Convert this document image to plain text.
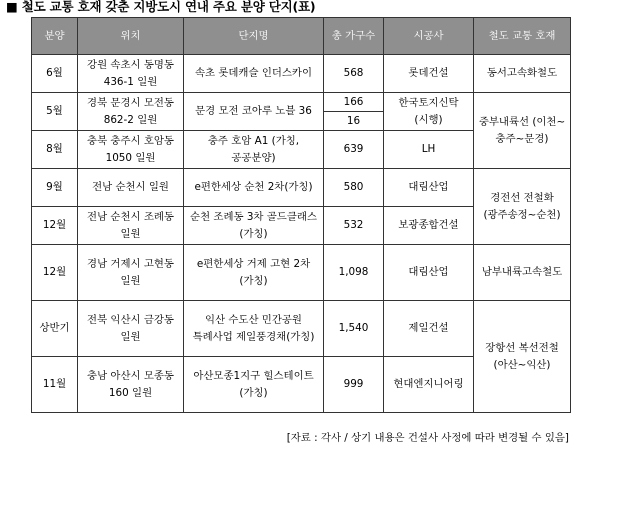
■ 철도 교통 호재 갖춘 지방도시 연내 주요 분양 단지(표)
분양	위치	단지명	총 가구수	시공사	철도 교통 호재
6월	강원 속초시 동명동 436-1 일원	속초 롯데캐슬 인더스카이	568	롯데건설	동서고속화철도
5월	경북 문경시 모전동 862-2 일원	문경 모전 코아루 노블 36	166	한국토지신탁(시행)	중부내륙선 (이천~충주~문경)
			16		
8월	충북 충주시 호암동 1050 일원	충주 호암 A1 (가칭, 공공분양)	639	LH	
9월	전남 순천시 일원	e편한세상 순천 2차(가칭)	580	대림산업	경전선 전철화 (광주송정~순천)
12월	전남 순천시 조례동 일원	순천 조례동 3차 골드클래스(가칭)	532	보광종합건설	
12월	경남 거제시 고현동 일원	e편한세상 거제 고현 2차 (가칭)	1,098	대림산업	남부내륙고속철도
상반기	전북 익산시 금강동 일원	익산 수도산 민간공원 특례사업 제일풍경채(가칭)	1,540	제일건설	장항선 복선전철 (아산~익산)
11월	충남 아산시 모종동 160 일원	아산모종1지구 힐스테이트 (가칭)	999	현대엔지니어링	
[자료 : 각사 / 상기 내용은 건설사 사정에 따라 변경될 수 있음]
